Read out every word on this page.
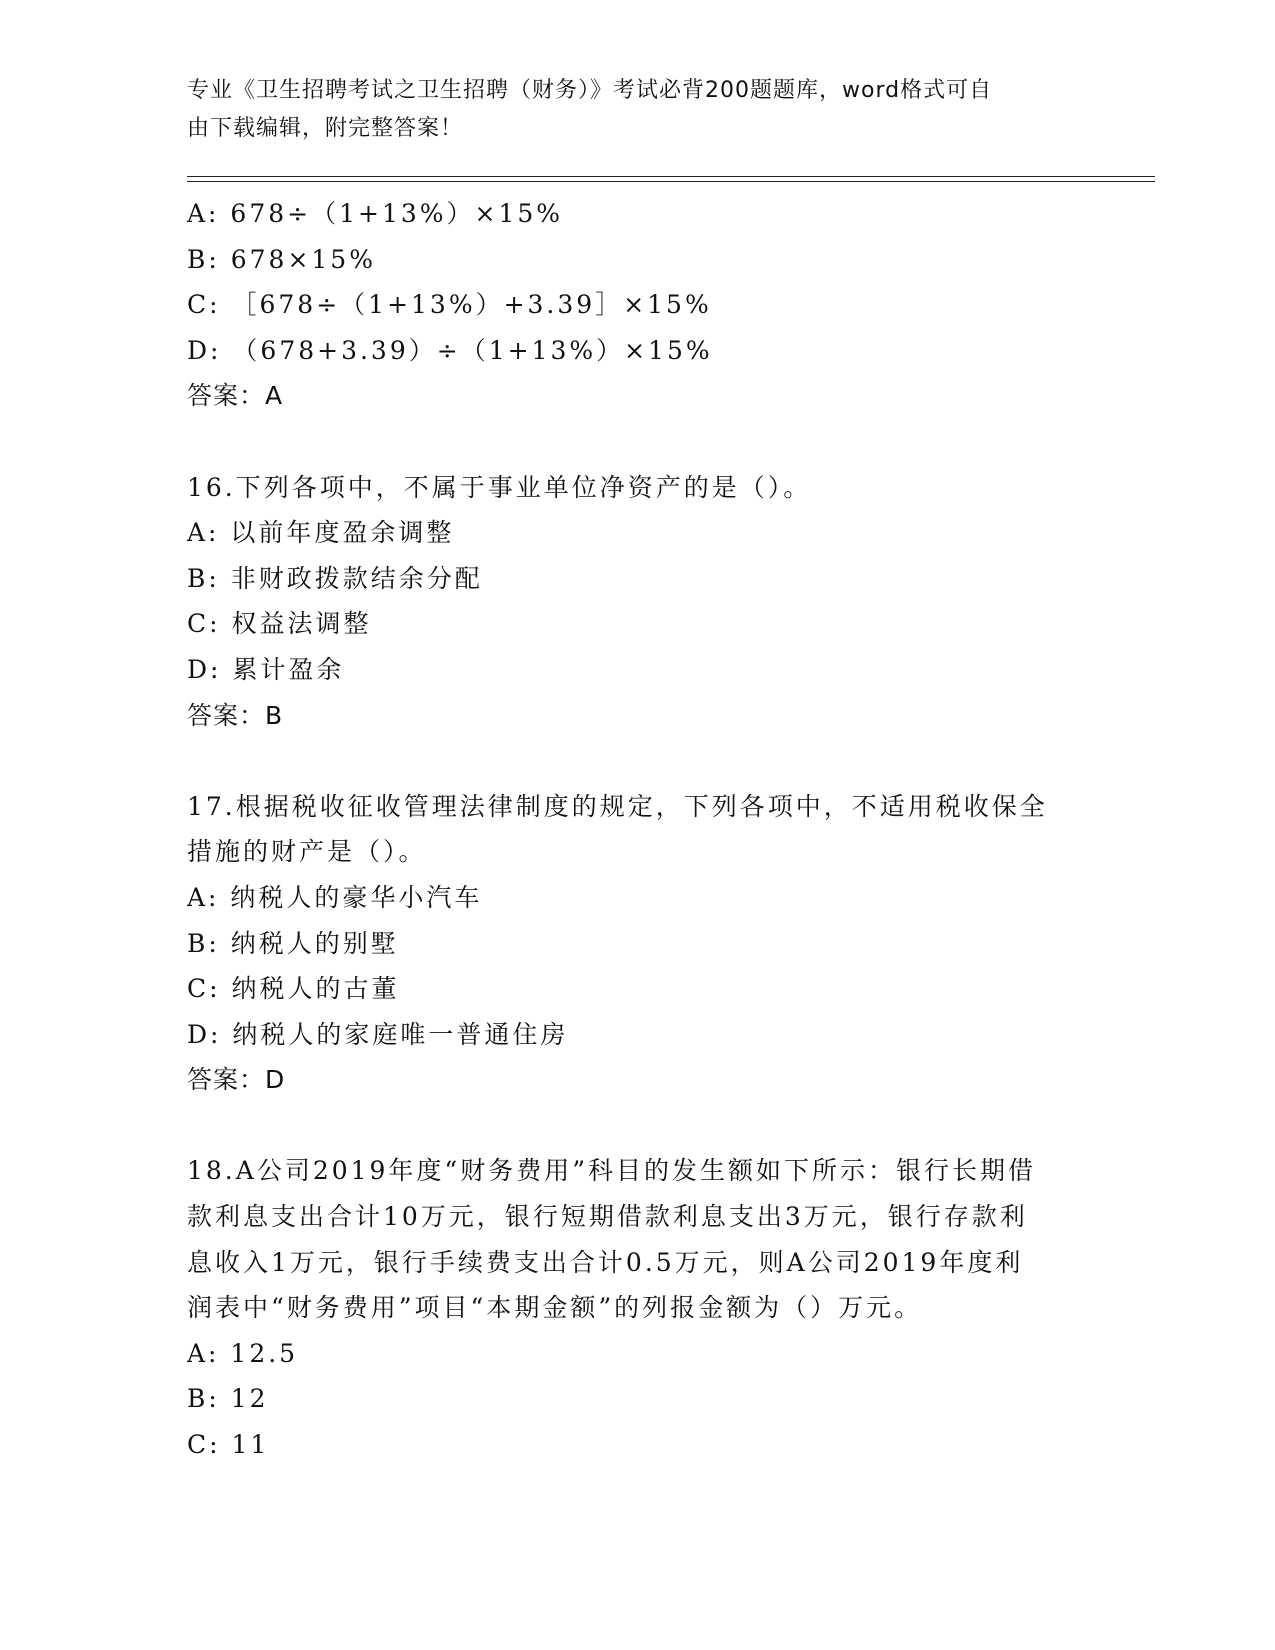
专业《卫生招聘考试之卫生招聘（财务）》考试必背200题题库，word格式可自
由下载编辑，附完整答案！
A: 678÷（1+13%）×15%
B: 678×15%
C: ［678÷（1+13%）+3.39］×15%
D: （678+3.39）÷（1+13%）×15%
答案：A
16.下列各项中，不属于事业单位净资产的是（）。
A: 以前年度盈余调整
B: 非财政拨款结余分配
C: 权益法调整
D: 累计盈余
答案：B
17.根据税收征收管理法律制度的规定，下列各项中，不适用税收保全
措施的财产是（）。
A: 纳税人的豪华小汽车
B: 纳税人的别墅
C: 纳税人的古董
D: 纳税人的家庭唯一普通住房
答案：D
18.A公司2019年度“财务费用”科目的发生额如下所示：银行长期借
款利息支出合计10万元，银行短期借款利息支出3万元，银行存款利
息收入1万元，银行手续费支出合计0.5万元，则A公司2019年度利
润表中“财务费用”项目“本期金额”的列报金额为（）万元。
A: 12.5
B: 12
C: 11
